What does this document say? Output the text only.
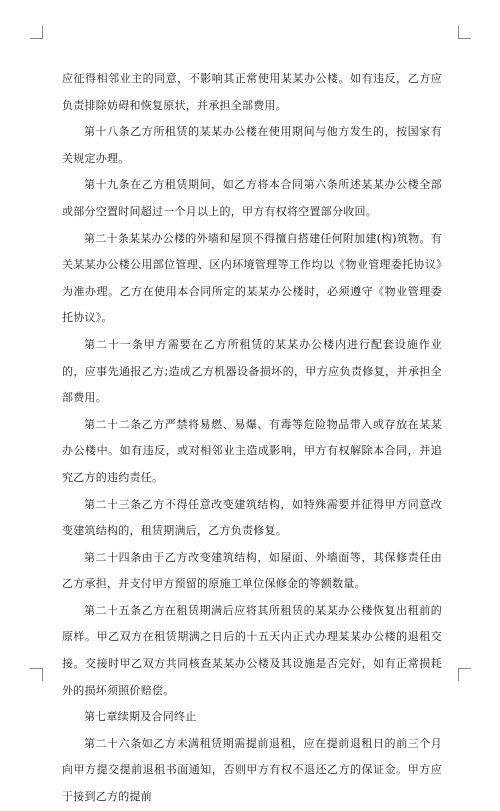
应征得相邻业主的同意，不影响其正常使用某某办公楼。如有违反，乙方应负责排除妨碍和恢复原状，并承担全部费用。

第十八条乙方所租赁的某某办公楼在使用期间与他方发生的，按国家有关规定办理。

第十九条在乙方租赁期间，如乙方将本合同第六条所述某某办公楼全部或部分空置时间超过一个月以上的，甲方有权将空置部分收回。

第二十条某某办公楼的外墙和屋顶不得擅自搭建任何附加建(构)筑物。有关某某办公楼公用部位管理、区内环境管理等工作均以《物业管理委托协议》为准办理。乙方在使用本合同所定的某某办公楼时，必须遵守《物业管理委托协议》。

第二十一条甲方需要在乙方所租赁的某某办公楼内进行配套设施作业的，应事先通报乙方;造成乙方机器设备损坏的，甲方应负责修复，并承担全部费用。

第二十二条乙方严禁将易燃、易爆、有毒等危险物品带入或存放在某某办公楼中。如有违反，或对相邻业主造成影响，甲方有权解除本合同，并追究乙方的违约责任。

第二十三条乙方不得任意改变建筑结构，如特殊需要并征得甲方同意改变建筑结构的，租赁期满后，乙方负责修复。

第二十四条由于乙方改变建筑结构，如屋面、外墙面等，其保修责任由乙方承担，并支付甲方预留的原施工单位保修金的等额数量。

第二十五条乙方在租赁期满后应将其所租赁的某某办公楼恢复出租前的原样。甲乙双方在租赁期满之日后的十五天内正式办理某某办公楼的退租交接。交接时甲乙双方共同核查某某办公楼及其设施是否完好，如有正常损耗外的损坏须照价赔偿。

第七章续期及合同终止

第二十六条如乙方未满租赁期需提前退租，应在提前退租日的前三个月向甲方提交提前退租书面通知，否则甲方有权不退还乙方的保证金。甲方应于接到乙方的提前
